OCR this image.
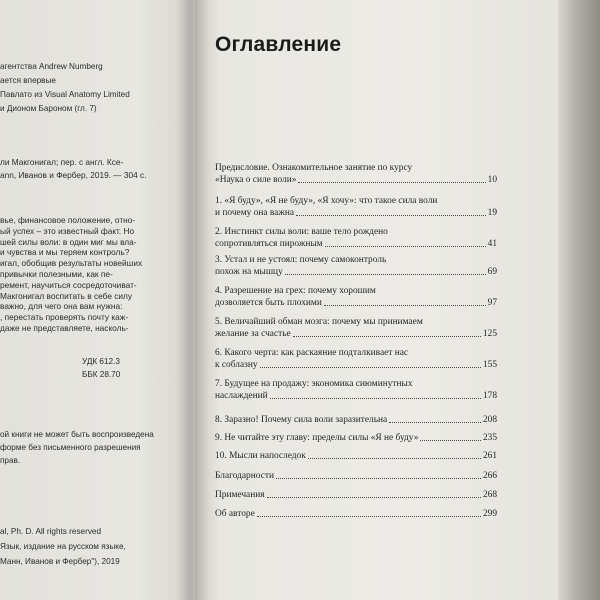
агентства Andrew Numberg
ается впервые
Павлато из Visual Anatomy Limited
и Дионом Бароном (гл. 7)
ли Макгонигал; пер. с англ. Ксе-
ann, Иванов и Фербер, 2019. — 304 с.
вье, финансовое положение, отно-
ый успех – это известный факт. Но
шей силы воли: в один миг мы вла-
и чувства и мы теряем контроль?
игал, обобщив результаты новейших
привычки полезными, как пе-
ремент, научиться сосредоточиват-
Макгонигал воспитать в себе силу
важно, для чего она вам нужна:
, перестать проверять почту каж-
даже не представляете, насколь-
УДК 612.3
ББК 28.70
ой книги не может быть воспроизведена
форме без письменного разрешения
прав.
al, Ph. D. All rights reserved
Язык, издание на русском языке,
Манн, Иванов и Фербер"), 2019
Оглавление
Предисловие. Ознакомительное занятие по курсу
«Наука о силе воли»	10
1. «Я буду», «Я не буду», «Я хочу»: что такое сила воли
и почему она важна	19
2. Инстинкт силы воли: ваше тело рождено
сопротивляться пирожным	41
3. Устал и не устоял: почему самоконтроль
похож на мышцу	69
4. Разрешение на грех: почему хорошим
дозволяется быть плохими	97
5. Величайший обман мозга: почему мы принимаем
желание за счастье	125
6. Какого черта: как раскаяние подталкивает нас
к соблазну	155
7. Будущее на продажу: экономика сиюминутных
наслаждений	178
8. Заразно! Почему сила воли заразительна	208
9. Не читайте эту главу: пределы силы «Я не буду»	235
10. Мысли напоследок	261
Благодарности	266
Примечания	268
Об авторе	299
